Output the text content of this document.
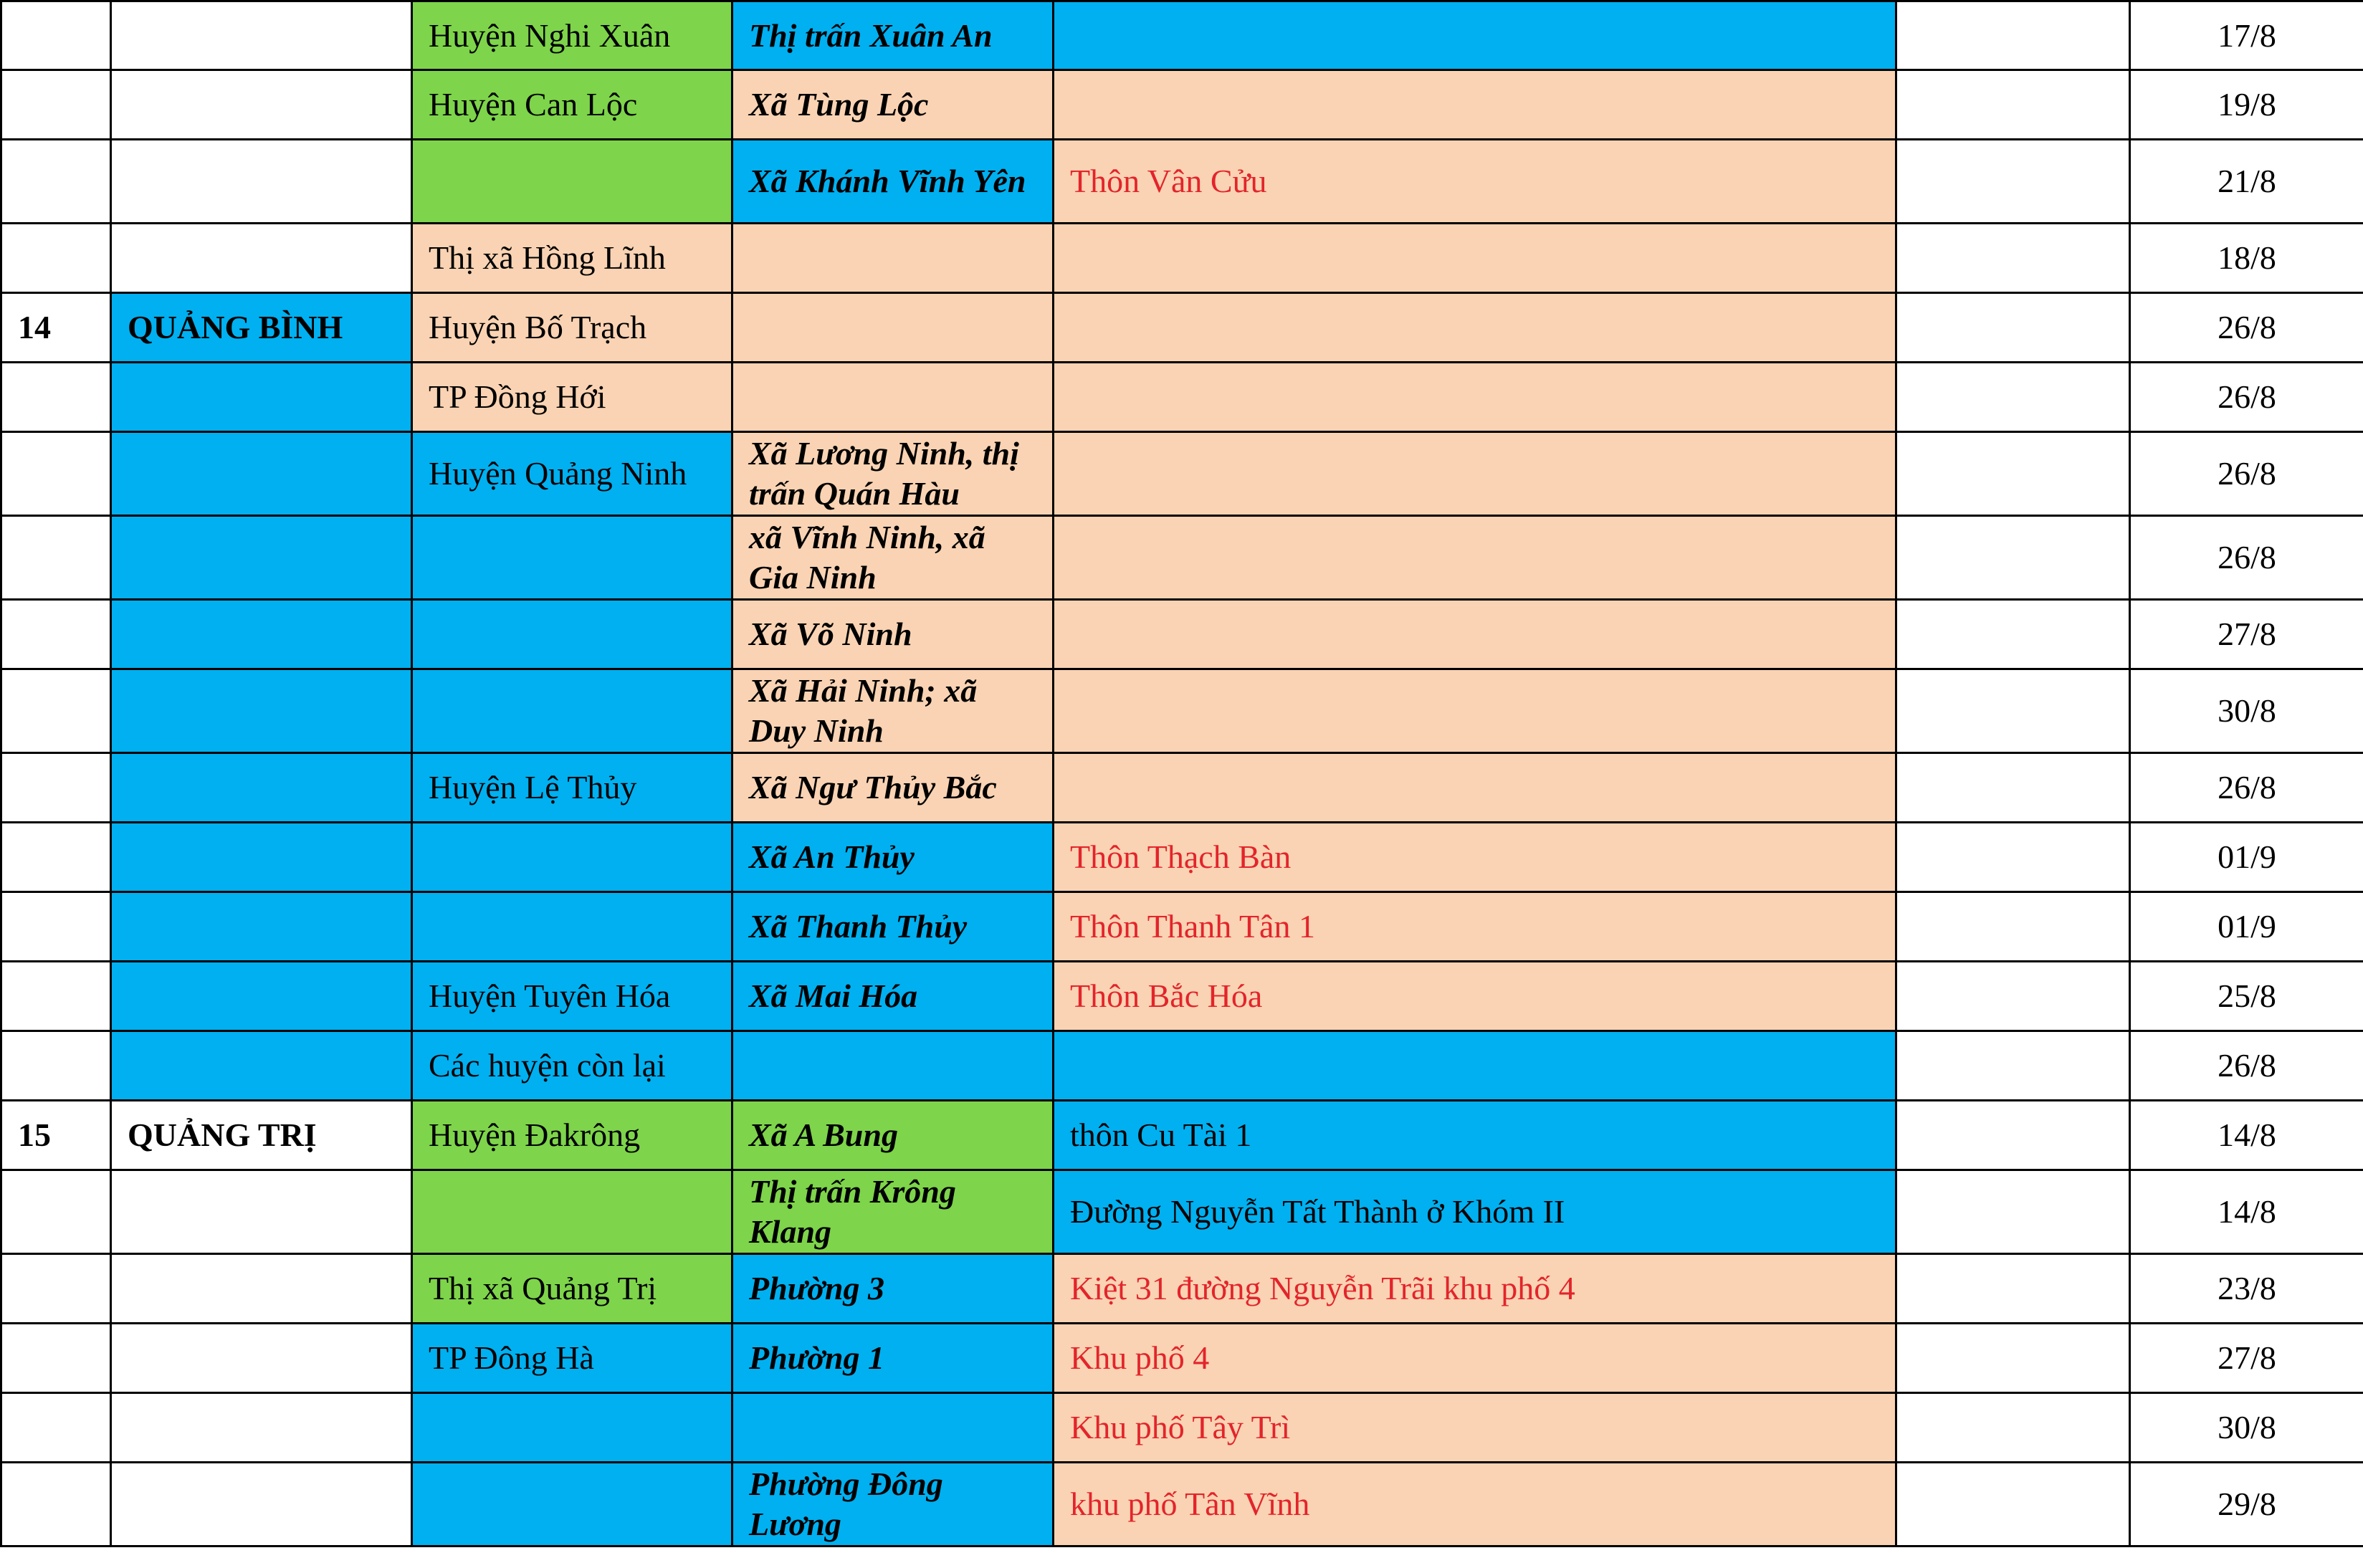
		Huyện Nghi Xuân	Thị trấn Xuân An			17/8
		Huyện Can Lộc	Xã Tùng Lộc			19/8
			Xã Khánh Vĩnh Yên	Thôn Vân Cửu		21/8
		Thị xã Hồng Lĩnh				18/8
14	QUẢNG BÌNH	Huyện Bố Trạch				26/8
		TP Đồng Hới				26/8
		Huyện Quảng Ninh	Xã Lương Ninh, thị trấn Quán Hàu			26/8
			xã Vĩnh Ninh, xã Gia Ninh			26/8
			Xã Võ Ninh			27/8
			Xã Hải Ninh; xã Duy Ninh			30/8
		Huyện Lệ Thủy	Xã Ngư Thủy Bắc			26/8
			Xã An Thủy	Thôn Thạch Bàn		01/9
			Xã Thanh Thủy	Thôn Thanh Tân 1		01/9
		Huyện Tuyên Hóa	Xã Mai Hóa	Thôn Bắc Hóa		25/8
		Các huyện còn lại				26/8
15	QUẢNG TRỊ	Huyện Đakrông	Xã A Bung	thôn Cu Tài 1		14/8
			Thị trấn Krông Klang	Đường Nguyễn Tất Thành ở Khóm II		14/8
		Thị xã Quảng Trị	Phường 3	Kiệt 31 đường Nguyễn Trãi khu phố 4		23/8
		TP Đông Hà	Phường 1	Khu phố 4		27/8
				Khu phố Tây Trì		30/8
			Phường Đông Lương	khu phố Tân Vĩnh		29/8
